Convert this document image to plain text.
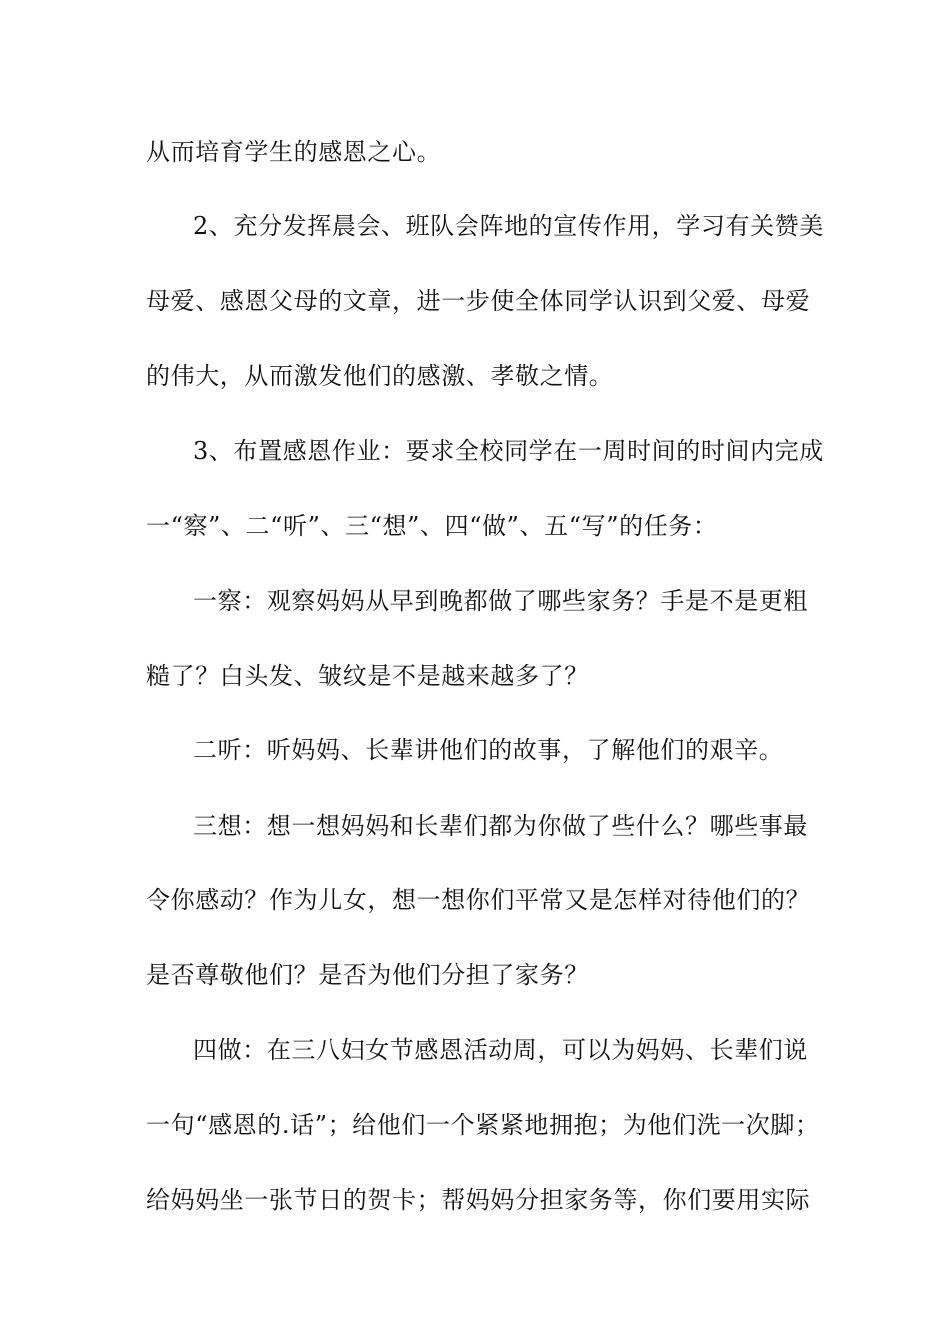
从而培育学生的感恩之心。
2、充分发挥晨会、班队会阵地的宣传作用，学习有关赞美
母爱、感恩父母的文章，进一步使全体同学认识到父爱、母爱
的伟大，从而激发他们的感激、孝敬之情。
3、布置感恩作业：要求全校同学在一周时间的时间内完成
一“察”、二“听”、三“想”、四“做”、五“写”的任务：
一察：观察妈妈从早到晚都做了哪些家务？手是不是更粗
糙了？白头发、皱纹是不是越来越多了？
二听：听妈妈、长辈讲他们的故事，了解他们的艰辛。
三想：想一想妈妈和长辈们都为你做了些什么？哪些事最
令你感动？作为儿女，想一想你们平常又是怎样对待他们的？
是否尊敬他们？是否为他们分担了家务？
四做：在三八妇女节感恩活动周，可以为妈妈、长辈们说
一句“感恩的.话”；给他们一个紧紧地拥抱；为他们洗一次脚；
给妈妈坐一张节日的贺卡；帮妈妈分担家务等，你们要用实际
